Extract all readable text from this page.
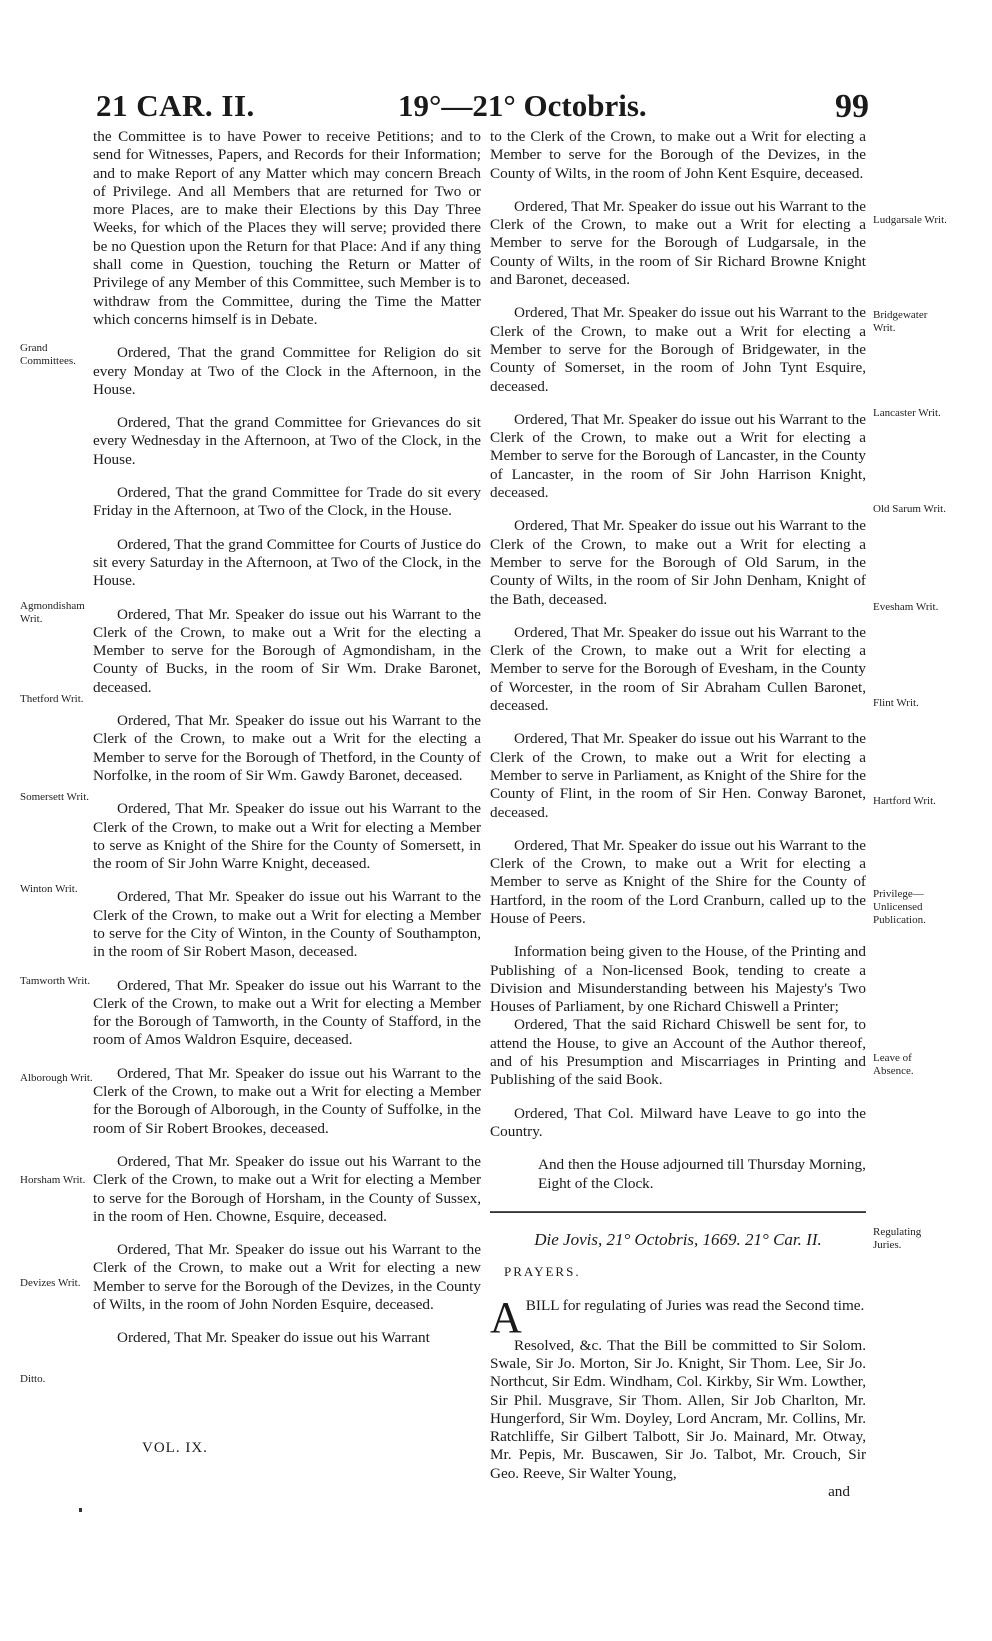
21 CAR. II.	19°—21° Octobris.	99

the Committee is to have Power to receive Petitions; and to send for Witnesses, Papers, and Records for their Information; and to make Report of any Matter which may concern Breach of Privilege. And all Members that are returned for Two or more Places, are to make their Elections by this Day Three Weeks, for which of the Places they will serve; provided there be no Question upon the Return for that Place: And if any thing shall come in Question, touching the Return or Matter of Privilege of any Member of this Committee, such Member is to withdraw from the Committee, during the Time the Matter which concerns himself is in Debate.

Ordered, That the grand Committee for Religion do sit every Monday at Two of the Clock in the Afternoon, in the House.

Ordered, That the grand Committee for Grievances do sit every Wednesday in the Afternoon, at Two of the Clock, in the House.

Ordered, That the grand Committee for Trade do sit every Friday in the Afternoon, at Two of the Clock, in the House.

Ordered, That the grand Committee for Courts of Justice do sit every Saturday in the Afternoon, at Two of the Clock, in the House.

Ordered, That Mr. Speaker do issue out his Warrant to the Clerk of the Crown, to make out a Writ for the electing a Member to serve for the Borough of Agmondisham, in the County of Bucks, in the room of Sir Wm. Drake Baronet, deceased.

Ordered, That Mr. Speaker do issue out his Warrant to the Clerk of the Crown, to make out a Writ for the electing a Member to serve for the Borough of Thetford, in the County of Norfolke, in the room of Sir Wm. Gawdy Baronet, deceased.

Ordered, That Mr. Speaker do issue out his Warrant to the Clerk of the Crown, to make out a Writ for electing a Member to serve as Knight of the Shire for the County of Somersett, in the room of Sir John Warre Knight, deceased.

Ordered, That Mr. Speaker do issue out his Warrant to the Clerk of the Crown, to make out a Writ for electing a Member to serve for the City of Winton, in the County of Southampton, in the room of Sir Robert Mason, deceased.

Ordered, That Mr. Speaker do issue out his Warrant to the Clerk of the Crown, to make out a Writ for electing a Member for the Borough of Tamworth, in the County of Stafford, in the room of Amos Waldron Esquire, deceased.

Ordered, That Mr. Speaker do issue out his Warrant to the Clerk of the Crown, to make out a Writ for electing a Member for the Borough of Alborough, in the County of Suffolke, in the room of Sir Robert Brookes, deceased.

Ordered, That Mr. Speaker do issue out his Warrant to the Clerk of the Crown, to make out a Writ for electing a Member to serve for the Borough of Horsham, in the County of Sussex, in the room of Hen. Chowne, Esquire, deceased.

Ordered, That Mr. Speaker do issue out his Warrant to the Clerk of the Crown, to make out a Writ for electing a new Member to serve for the Borough of the Devizes, in the County of Wilts, in the room of John Norden Esquire, deceased.

Ordered, That Mr. Speaker do issue out his Warrant

to the Clerk of the Crown, to make out a Writ for electing a Member to serve for the Borough of the Devizes, in the County of Wilts, in the room of John Kent Esquire, deceased.

Ordered, That Mr. Speaker do issue out his Warrant to the Clerk of the Crown, to make out a Writ for electing a Member to serve for the Borough of Ludgarsale, in the County of Wilts, in the room of Sir Richard Browne Knight and Baronet, deceased.

Ordered, That Mr. Speaker do issue out his Warrant to the Clerk of the Crown, to make out a Writ for electing a Member to serve for the Borough of Bridgewater, in the County of Somerset, in the room of John Tynt Esquire, deceased.

Ordered, That Mr. Speaker do issue out his Warrant to the Clerk of the Crown, to make out a Writ for electing a Member to serve for the Borough of Lancaster, in the County of Lancaster, in the room of Sir John Harrison Knight, deceased.

Ordered, That Mr. Speaker do issue out his Warrant to the Clerk of the Crown, to make out a Writ for electing a Member to serve for the Borough of Old Sarum, in the County of Wilts, in the room of Sir John Denham, Knight of the Bath, deceased.

Ordered, That Mr. Speaker do issue out his Warrant to the Clerk of the Crown, to make out a Writ for electing a Member to serve for the Borough of Evesham, in the County of Worcester, in the room of Sir Abraham Cullen Baronet, deceased.

Ordered, That Mr. Speaker do issue out his Warrant to the Clerk of the Crown, to make out a Writ for electing a Member to serve in Parliament, as Knight of the Shire for the County of Flint, in the room of Sir Hen. Conway Baronet, deceased.

Ordered, That Mr. Speaker do issue out his Warrant to the Clerk of the Crown, to make out a Writ for electing a Member to serve as Knight of the Shire for the County of Hartford, in the room of the Lord Cranburn, called up to the House of Peers.

Information being given to the House, of the Printing and Publishing of a Non-licensed Book, tending to create a Division and Misunderstanding between his Majesty's Two Houses of Parliament, by one Richard Chiswell a Printer;

Ordered, That the said Richard Chiswell be sent for, to attend the House, to give an Account of the Author thereof, and of his Presumption and Miscarriages in Printing and Publishing of the said Book.

Ordered, That Col. Milward have Leave to go into the Country.

And then the House adjourned till Thursday Morning, Eight of the Clock.

Die Jovis, 21° Octobris, 1669. 21° Car. II.
PRAYERS.

A BILL for regulating of Juries was read the Second time.

Resolved, &c. That the Bill be committed to Sir Solom. Swale, Sir Jo. Morton, Sir Jo. Knight, Sir Thom. Lee, Sir Jo. Northcut, Sir Edm. Windham, Col. Kirkby, Sir Wm. Lowther, Sir Phil. Musgrave, Sir Thom. Allen, Sir Job Charlton, Mr. Hungerford, Sir Wm. Doyley, Lord Ancram, Mr. Collins, Mr. Ratchliffe, Sir Gilbert Talbott, Sir Jo. Mainard, Mr. Otway, Mr. Pepis, Mr. Buscawen, Sir Jo. Talbot, Mr. Crouch, Sir Geo. Reeve, Sir Walter Young,

and
Grand Committees.
Agmondisham Writ.
Thetford Writ.
Somersett Writ.
Winton Writ.
Tamworth Writ.
Alborough Writ.
Horsham Writ.
Devizes Writ.
Ditto.
Ludgarsale Writ.
Bridgewater Writ.
Lancaster Writ.
Old Sarum Writ.
Evesham Writ.
Flint Writ.
Hartford Writ.
Privilege— Unlicensed Publication.
Leave of Absence.
Regulating Juries.
VOL. IX.
